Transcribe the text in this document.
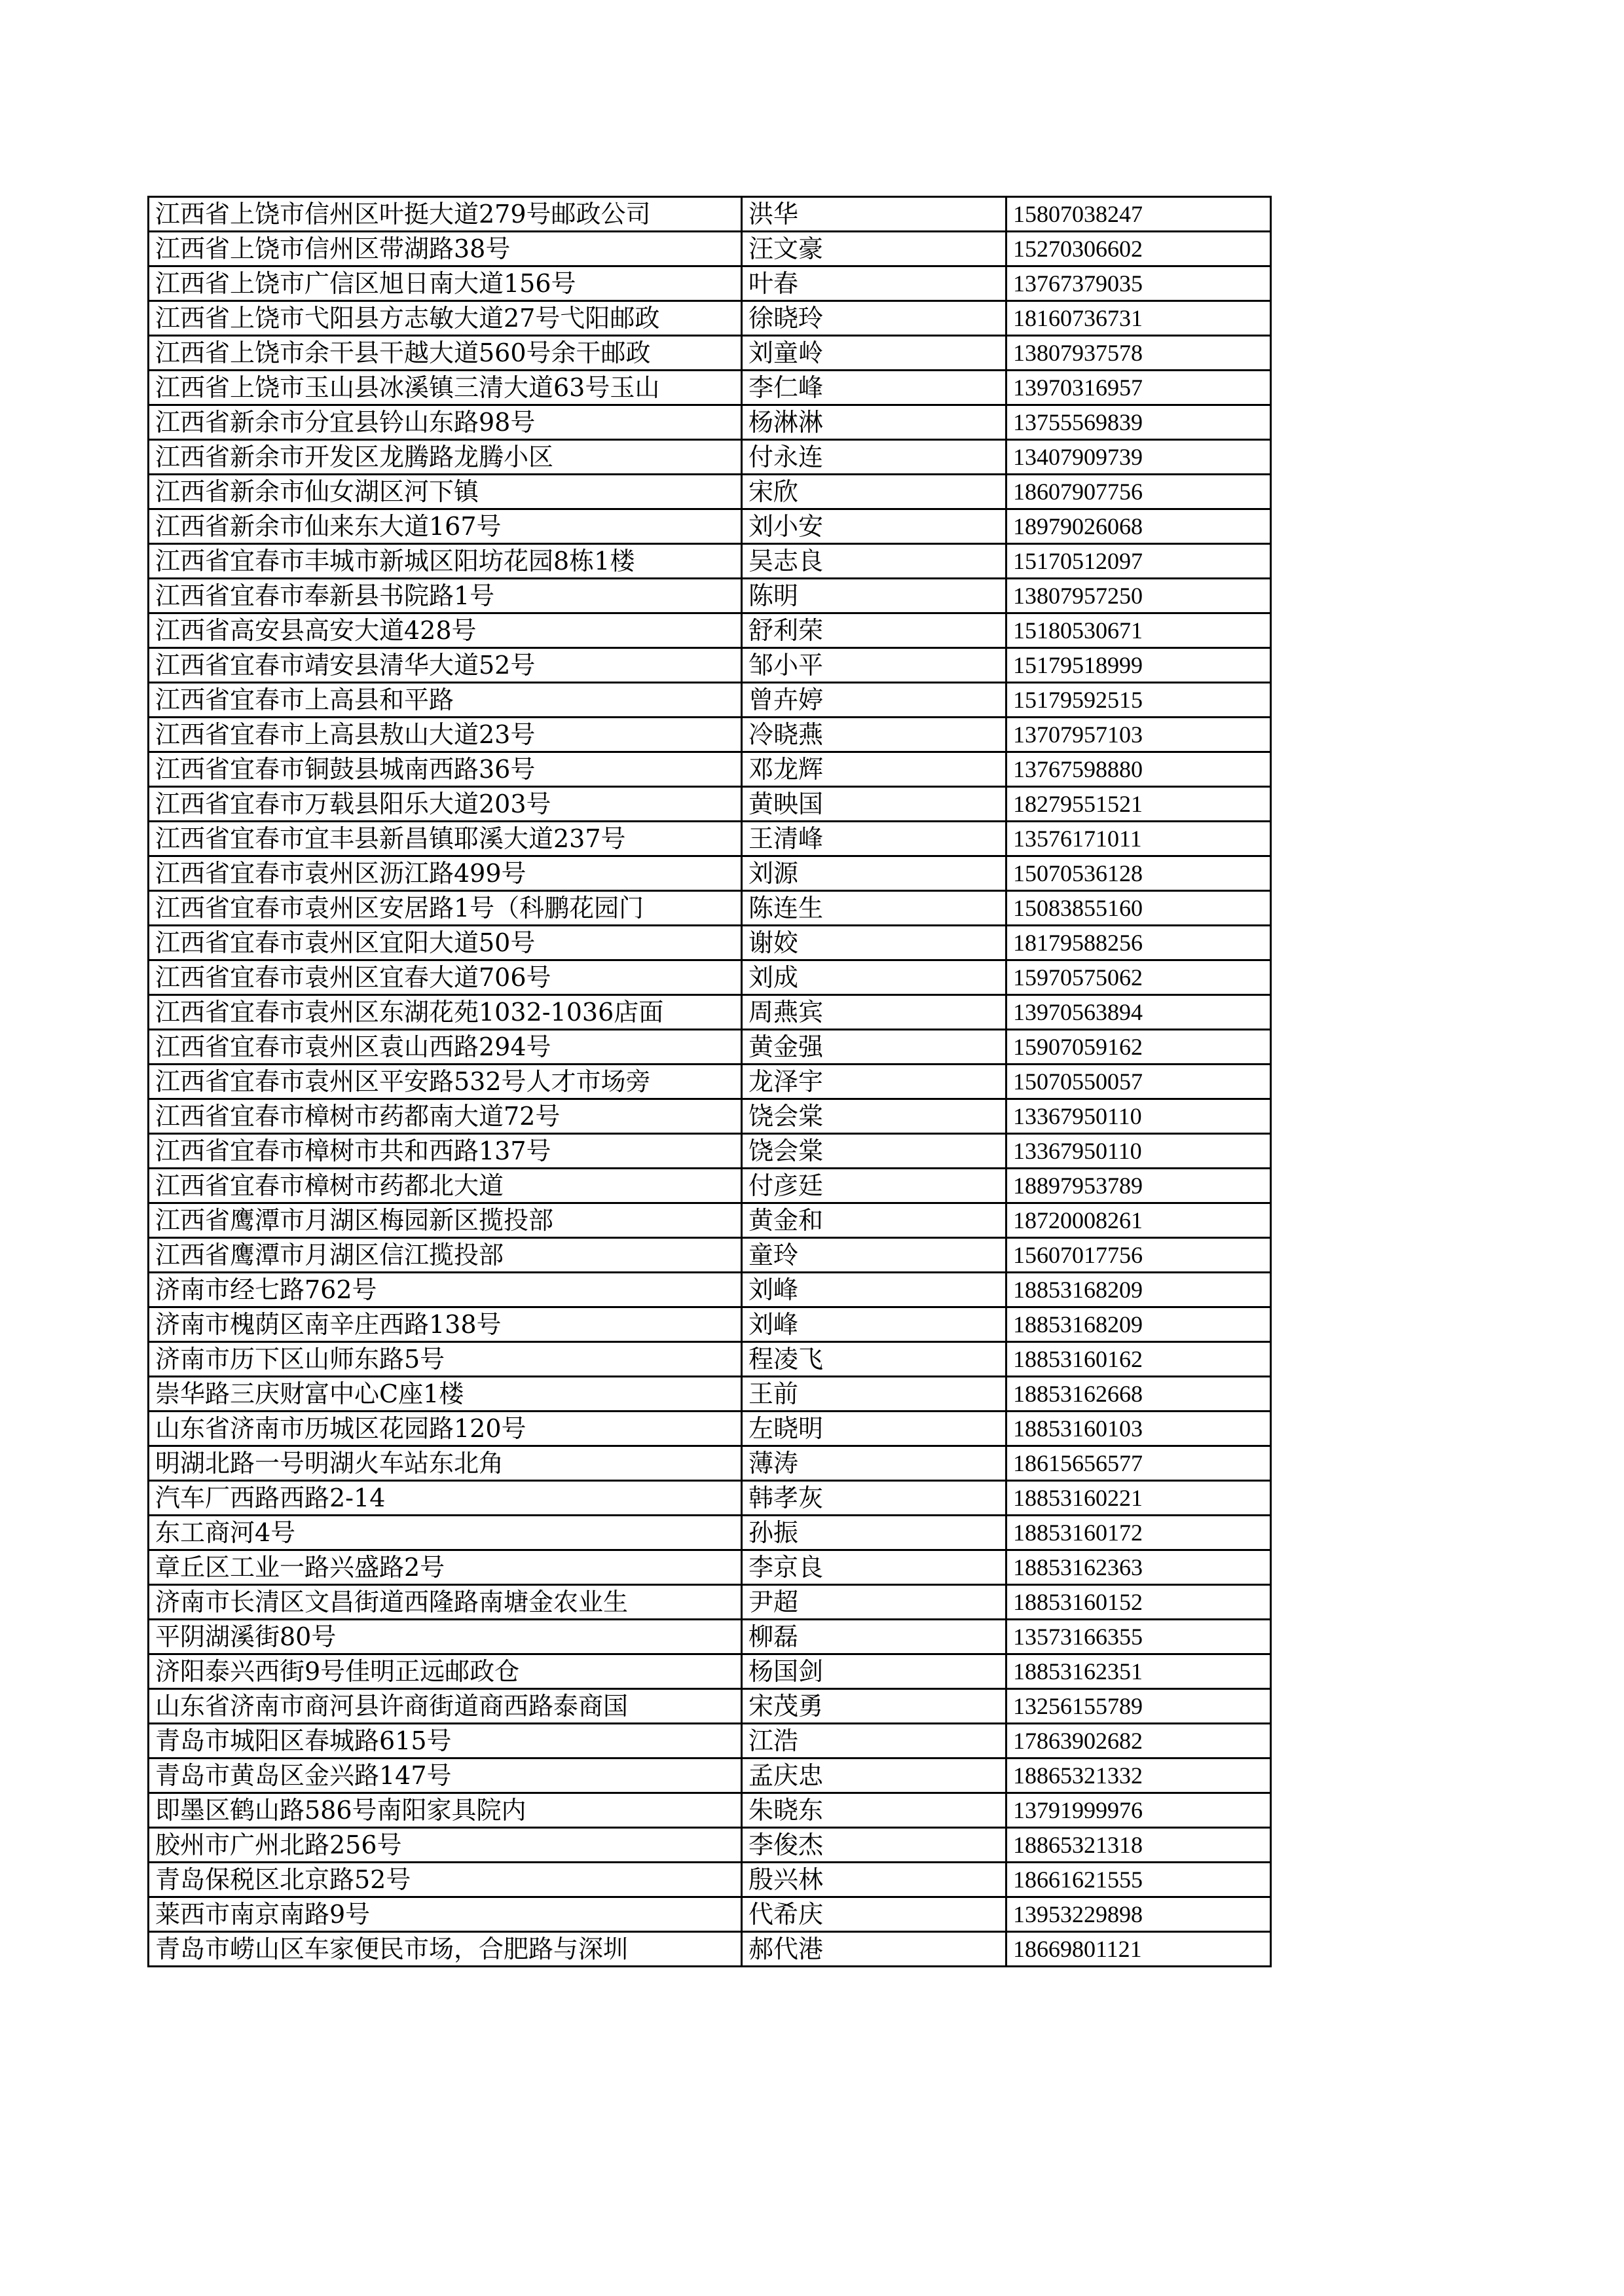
江西省上饶市信州区叶挺大道279号邮政公司	洪华	15807038247
江西省上饶市信州区带湖路38号	汪文豪	15270306602
江西省上饶市广信区旭日南大道156号	叶春	13767379035
江西省上饶市弋阳县方志敏大道27号弋阳邮政	徐晓玲	18160736731
江西省上饶市余干县干越大道560号余干邮政	刘童岭	13807937578
江西省上饶市玉山县冰溪镇三清大道63号玉山	李仁峰	13970316957
江西省新余市分宜县钤山东路98号	杨淋淋	13755569839
江西省新余市开发区龙腾路龙腾小区	付永连	13407909739
江西省新余市仙女湖区河下镇	宋欣	18607907756
江西省新余市仙来东大道167号	刘小安	18979026068
江西省宜春市丰城市新城区阳坊花园8栋1楼	吴志良	15170512097
江西省宜春市奉新县书院路1号	陈明	13807957250
江西省高安县高安大道428号	舒利荣	15180530671
江西省宜春市靖安县清华大道52号	邹小平	15179518999
江西省宜春市上高县和平路	曾卉婷	15179592515
江西省宜春市上高县敖山大道23号	冷晓燕	13707957103
江西省宜春市铜鼓县城南西路36号	邓龙辉	13767598880
江西省宜春市万载县阳乐大道203号	黄映国	18279551521
江西省宜春市宜丰县新昌镇耶溪大道237号	王清峰	13576171011
江西省宜春市袁州区沥江路499号	刘源	15070536128
江西省宜春市袁州区安居路1号（科鹏花园门	陈连生	15083855160
江西省宜春市袁州区宜阳大道50号	谢姣	18179588256
江西省宜春市袁州区宜春大道706号	刘成	15970575062
江西省宜春市袁州区东湖花苑1032-1036店面	周燕宾	13970563894
江西省宜春市袁州区袁山西路294号	黄金强	15907059162
江西省宜春市袁州区平安路532号人才市场旁	龙泽宇	15070550057
江西省宜春市樟树市药都南大道72号	饶会棠	13367950110
江西省宜春市樟树市共和西路137号	饶会棠	13367950110
江西省宜春市樟树市药都北大道	付彦廷	18897953789
江西省鹰潭市月湖区梅园新区揽投部	黄金和	18720008261
江西省鹰潭市月湖区信江揽投部	童玲	15607017756
济南市经七路762号	刘峰	18853168209
济南市槐荫区南辛庄西路138号	刘峰	18853168209
济南市历下区山师东路5号	程凌飞	18853160162
崇华路三庆财富中心C座1楼	王前	18853162668
山东省济南市历城区花园路120号	左晓明	18853160103
明湖北路一号明湖火车站东北角	薄涛	18615656577
汽车厂西路西路2-14	韩孝灰	18853160221
东工商河4号	孙振	18853160172
章丘区工业一路兴盛路2号	李京良	18853162363
济南市长清区文昌街道西隆路南塘金农业生	尹超	18853160152
平阴湖溪街80号	柳磊	13573166355
济阳泰兴西街9号佳明正远邮政仓	杨国剑	18853162351
山东省济南市商河县许商街道商西路泰商国	宋茂勇	13256155789
青岛市城阳区春城路615号	江浩	17863902682
青岛市黄岛区金兴路147号	孟庆忠	18865321332
即墨区鹤山路586号南阳家具院内	朱晓东	13791999976
胶州市广州北路256号	李俊杰	18865321318
青岛保税区北京路52号	殷兴林	18661621555
莱西市南京南路9号	代希庆	13953229898
青岛市崂山区车家便民市场，合肥路与深圳	郝代港	18669801121
